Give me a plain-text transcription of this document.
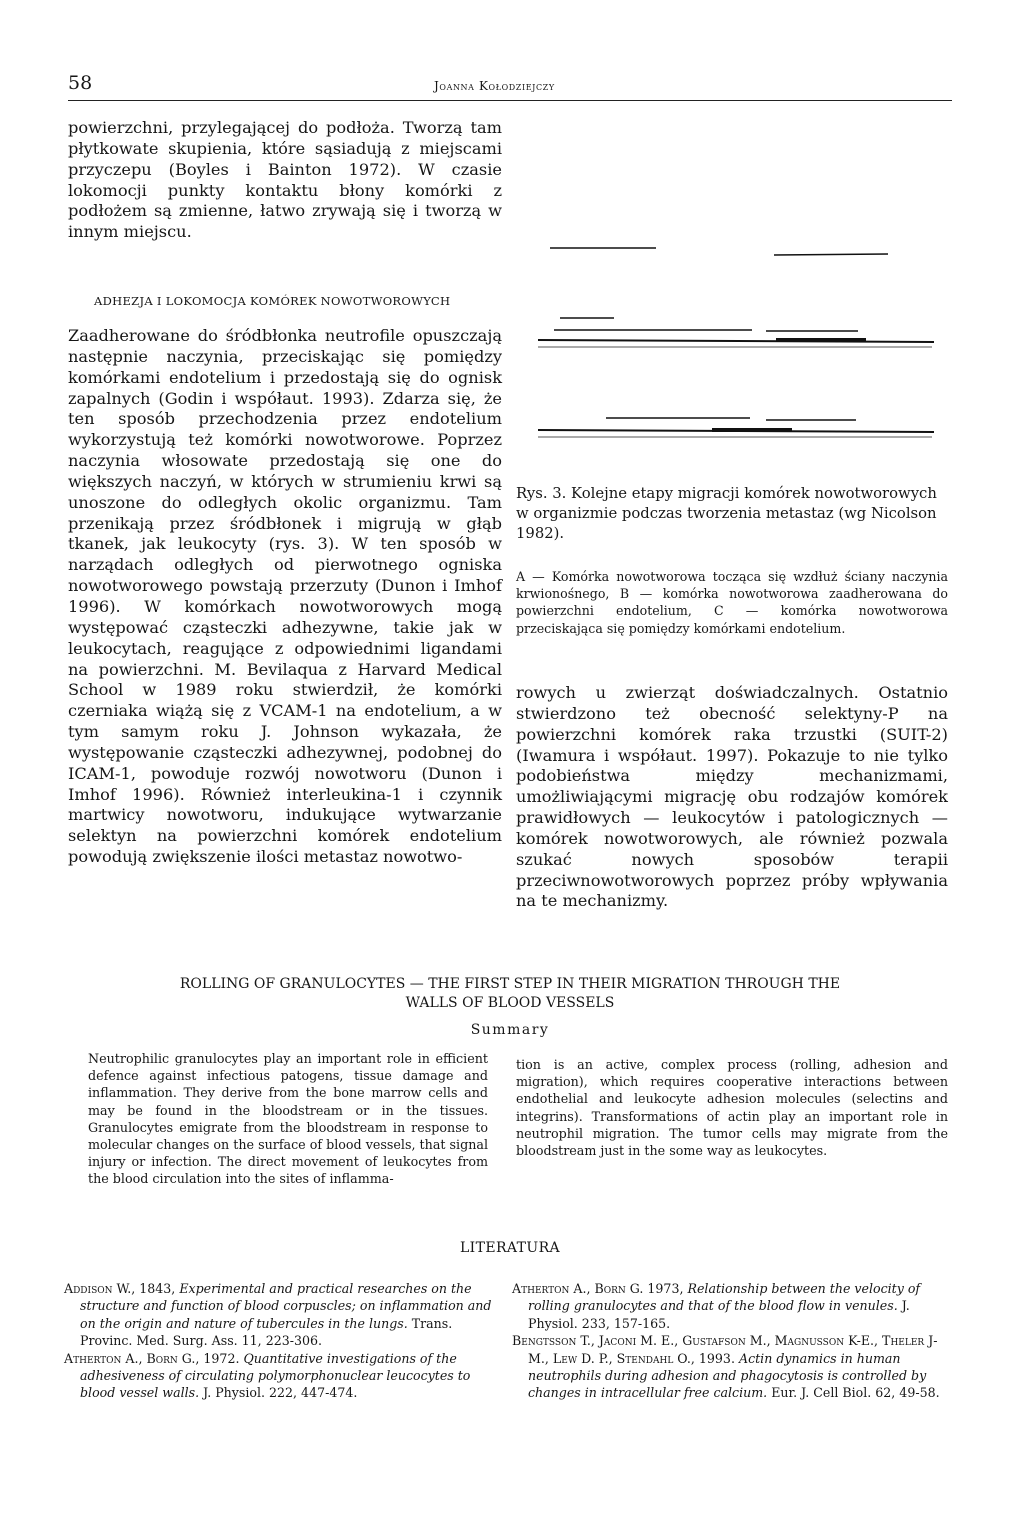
58	Joanna Kołodziejczy

powierzchni, przylegającej do podłoża. Tworzą tam płytkowate skupienia, które sąsiadują z miejscami przyczepu (Boyles i Bainton 1972). W czasie lokomocji punkty kontaktu błony komórki z podłożem są zmienne, łatwo zrywają się i tworzą w innym miejscu.

ADHEZJA I LOKOMOCJA KOMÓREK NOWOTWOROWYCH

Zaadherowane do śródbłonka neutrofile opuszczają następnie naczynia, przeciskając się pomiędzy komórkami endotelium i przedostają się do ognisk zapalnych (Godin i współaut. 1993). Zdarza się, że ten sposób przechodzenia przez endotelium wykorzystują też komórki nowotworowe. Poprzez naczynia włosowate przedostają się one do większych naczyń, w których w strumieniu krwi są unoszone do odległych okolic organizmu. Tam przenikają przez śródbłonek i migrują w głąb tkanek, jak leukocyty (rys. 3). W ten sposób w narządach odległych od pierwotnego ogniska nowotworowego powstają przerzuty (Dunon i Imhof 1996). W komórkach nowotworowych mogą występować cząsteczki adhezywne, takie jak w leukocytach, reagujące z odpowiednimi ligandami na powierzchni. M. Bevilaqua z Harvard Medical School w 1989 roku stwierdził, że komórki czerniaka wiążą się z VCAM-1 na endotelium, a w tym samym roku J. Johnson wykazała, że występowanie cząsteczki adhezywnej, podobnej do ICAM-1, powoduje rozwój nowotworu (Dunon i Imhof 1996). Również interleukina-1 i czynnik martwicy nowotworu, indukujące wytwarzanie selektyn na powierzchni komórek endotelium powodują zwiększenie ilości metastaz nowotwo-

Rys. 3. Kolejne etapy migracji komórek nowotworowych w organizmie podczas tworzenia metastaz (wg Nicolson 1982).
A — Komórka nowotworowa tocząca się wzdłuż ściany naczynia krwionośnego, B — komórka nowotworowa zaadherowana do powierzchni endotelium, C — komórka nowotworowa przeciskająca się pomiędzy komórkami endotelium.

rowych u zwierząt doświadczalnych. Ostatnio stwierdzono też obecność selektyny-P na powierzchni komórek raka trzustki (SUIT-2) (Iwamura i współaut. 1997). Pokazuje to nie tylko podobieństwa między mechanizmami, umożliwiającymi migrację obu rodzajów komórek prawidłowych — leukocytów i patologicznych — komórek nowotworowych, ale również pozwala szukać nowych sposobów terapii przeciwnowotworowych poprzez próby wpływania na te mechanizmy.

ROLLING OF GRANULOCYTES — THE FIRST STEP IN THEIR MIGRATION THROUGH THE
WALLS OF BLOOD VESSELS
Summary
Neutrophilic granulocytes play an important role in efficient defence against infectious patogens, tissue damage and inflammation. They derive from the bone marrow cells and may be found in the bloodstream or in the tissues. Granulocytes emigrate from the bloodstream in response to molecular changes on the surface of blood vessels, that signal injury or infection. The direct movement of leukocytes from the blood circulation into the sites of inflamma-
tion is an active, complex process (rolling, adhesion and migration), which requires cooperative interactions between endothelial and leukocyte adhesion molecules (selectins and integrins). Transformations of actin play an important role in neutrophil migration. The tumor cells may migrate from the bloodstream just in the some way as leukocytes.
LITERATURA

Addison W., 1843, Experimental and practical researches on the structure and function of blood corpuscles; on inflammation and on the origin and nature of tubercules in the lungs. Trans. Provinc. Med. Surg. Ass. 11, 223-306.

Atherton A., Born G., 1972. Quantitative investigations of the adhesiveness of circulating polymorphonuclear leucocytes to blood vessel walls. J. Physiol. 222, 447-474.

Atherton A., Born G. 1973, Relationship between the velocity of rolling granulocytes and that of the blood flow in venules. J. Physiol. 233, 157-165.

Bengtsson T., Jaconi M. E., Gustafson M., Magnusson K-E., Theler J-M., Lew D. P., Stendahl O., 1993. Actin dynamics in human neutrophils during adhesion and phagocytosis is controlled by changes in intracellular free calcium. Eur. J. Cell Biol. 62, 49-58.
